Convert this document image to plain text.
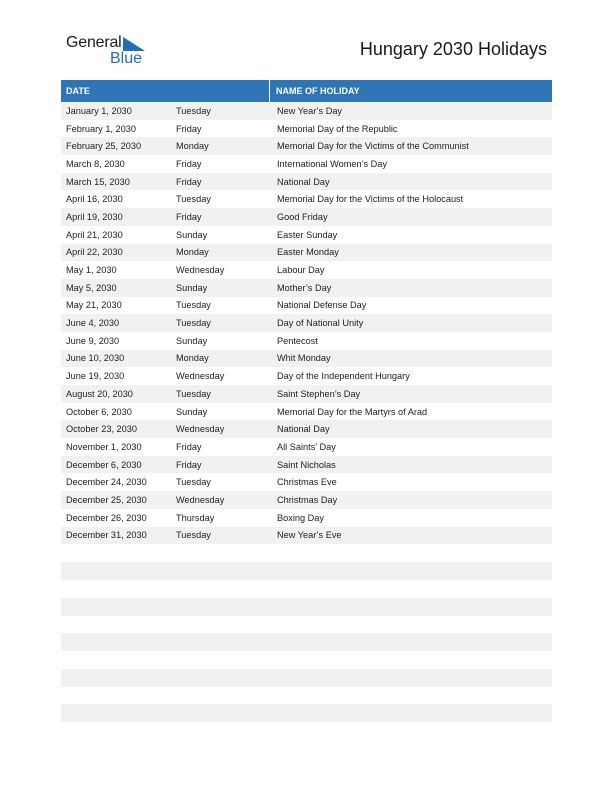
General
Blue	Hungary 2030 Holidays
DATE	NAME OF HOLIDAY
January 1, 2030	Tuesday	New Year’s Day
February 1, 2030	Friday	Memorial Day of the Republic
February 25, 2030	Monday	Memorial Day for the Victims of the Communist
March 8, 2030	Friday	International Women’s Day
March 15, 2030	Friday	National Day
April 16, 2030	Tuesday	Memorial Day for the Victims of the Holocaust
April 19, 2030	Friday	Good Friday
April 21, 2030	Sunday	Easter Sunday
April 22, 2030	Monday	Easter Monday
May 1, 2030	Wednesday	Labour Day
May 5, 2030	Sunday	Mother’s Day
May 21, 2030	Tuesday	National Defense Day
June 4, 2030	Tuesday	Day of National Unity
June 9, 2030	Sunday	Pentecost
June 10, 2030	Monday	Whit Monday
June 19, 2030	Wednesday	Day of the Independent Hungary
August 20, 2030	Tuesday	Saint Stephen’s Day
October 6, 2030	Sunday	Memorial Day for the Martyrs of Arad
October 23, 2030	Wednesday	National Day
November 1, 2030	Friday	All Saints’ Day
December 6, 2030	Friday	Saint Nicholas
December 24, 2030	Tuesday	Christmas Eve
December 25, 2030	Wednesday	Christmas Day
December 26, 2030	Thursday	Boxing Day
December 31, 2030	Tuesday	New Year’s Eve
